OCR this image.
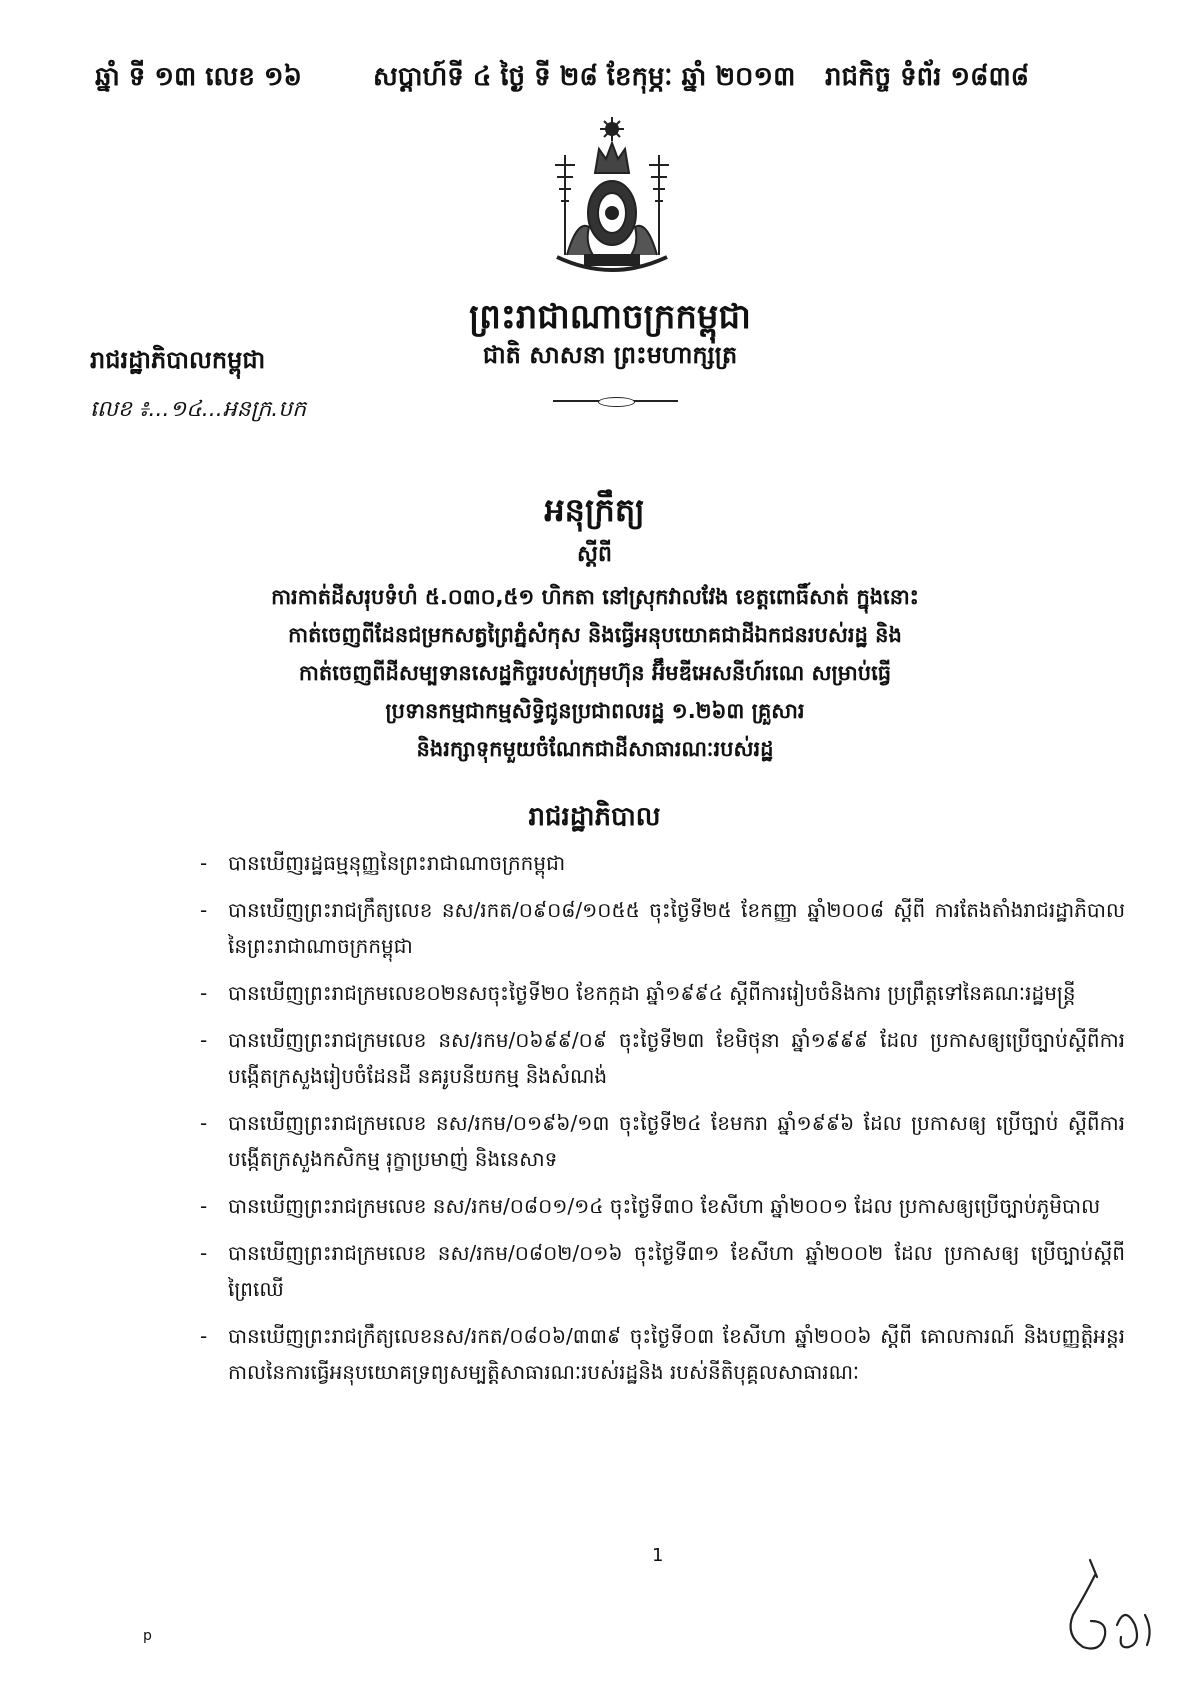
ឆ្នាំ ទី ១៣ លេខ ១៦	សប្តាហ៍ទី ៤ ថ្ងៃ ទី ២៨ ខែកុម្ភៈ ឆ្នាំ ២០១៣ រាជកិច្ច ទំព័រ ១៨៣៨
ព្រះរាជាណាចក្រកម្ពុជា
ជាតិ សាសនា ព្រះមហាក្សត្រ
រាជរដ្ឋាភិបាលកម្ពុជា
លេខ ៖...១៤...អនក្រ.បក
អនុក្រឹត្យ
ស្តីពី
ការកាត់ដីសរុបទំហំ ៥.០៣០,៥១ ហិកតា នៅស្រុកវាលវែង ខេត្តពោធិ៍សាត់ ក្នុងនោះ
កាត់ចេញពីដែនជម្រកសត្វព្រៃភ្នំសំកុស និងធ្វើអនុបយោគជាដីឯកជនរបស់រដ្ឋ និង
កាត់ចេញពីដីសម្បទានសេដ្ឋកិច្ចរបស់ក្រុមហ៊ុន អ៊ឹមឌីអេសនីហ៍រណេ សម្រាប់ធ្វើ
ប្រទានកម្មជាកម្មសិទ្ធិជូនប្រជាពលរដ្ឋ ១.២៦៣ គ្រួសារ
និងរក្សាទុកមួយចំណែកជាដីសាធារណៈរបស់រដ្ឋ
រាជរដ្ឋាភិបាល
- បានឃើញរដ្ឋធម្មនុញ្ញនៃព្រះរាជាណាចក្រកម្ពុជា
- បានឃើញព្រះរាជក្រឹត្យលេខ នស/រកត/០៩០៨/១០៥៥ ចុះថ្ងៃទី២៥ ខែកញ្ញា ឆ្នាំ២០០៨ ស្តីពី ការតែងតាំងរាជរដ្ឋាភិបាលនៃព្រះរាជាណាចក្រកម្ពុជា
- បានឃើញព្រះរាជក្រមលេខ០២នសចុះថ្ងៃទី២០ ខែកក្កដា ឆ្នាំ១៩៩៤ ស្តីពីការរៀបចំនិងការ ប្រព្រឹត្តទៅនៃគណៈរដ្ឋមន្ត្រី
- បានឃើញព្រះរាជក្រមលេខ នស/រកម/០៦៩៩/០៩ ចុះថ្ងៃទី២៣ ខែមិថុនា ឆ្នាំ១៩៩៩ ដែល ប្រកាសឲ្យប្រើច្បាប់ស្តីពីការបង្កើតក្រសួងរៀបចំដែនដី នគរូបនីយកម្ម និងសំណង់
- បានឃើញព្រះរាជក្រមលេខ នស/រកម/០១៩៦/១៣ ចុះថ្ងៃទី២៤ ខែមករា ឆ្នាំ១៩៩៦ ដែល ប្រកាសឲ្យ ប្រើច្បាប់ ស្តីពីការបង្កើតក្រសួងកសិកម្ម រុក្ខាប្រមាញ់ និងនេសាទ
- បានឃើញព្រះរាជក្រមលេខ នស/រកម/០៨០១/១៤ ចុះថ្ងៃទី៣០ ខែសីហា ឆ្នាំ២០០១ ដែល ប្រកាសឲ្យប្រើច្បាប់ភូមិបាល
- បានឃើញព្រះរាជក្រមលេខ នស/រកម/០៨០២/០១៦ ចុះថ្ងៃទី៣១ ខែសីហា ឆ្នាំ២០០២ ដែល ប្រកាសឲ្យ ប្រើច្បាប់ស្តីពីព្រៃឈើ
- បានឃើញព្រះរាជក្រឹត្យលេខនស/រកត/០៨០៦/៣៣៩ ចុះថ្ងៃទី០៣ ខែសីហា ឆ្នាំ២០០៦ ស្តីពី គោលការណ៍ និងបញ្ញត្តិអន្តរកាលនៃការធ្វើអនុបយោគទ្រព្យសម្បត្តិសាធារណៈរបស់រដ្ឋនិង របស់នីតិបុគ្គលសាធារណៈ
1
p
